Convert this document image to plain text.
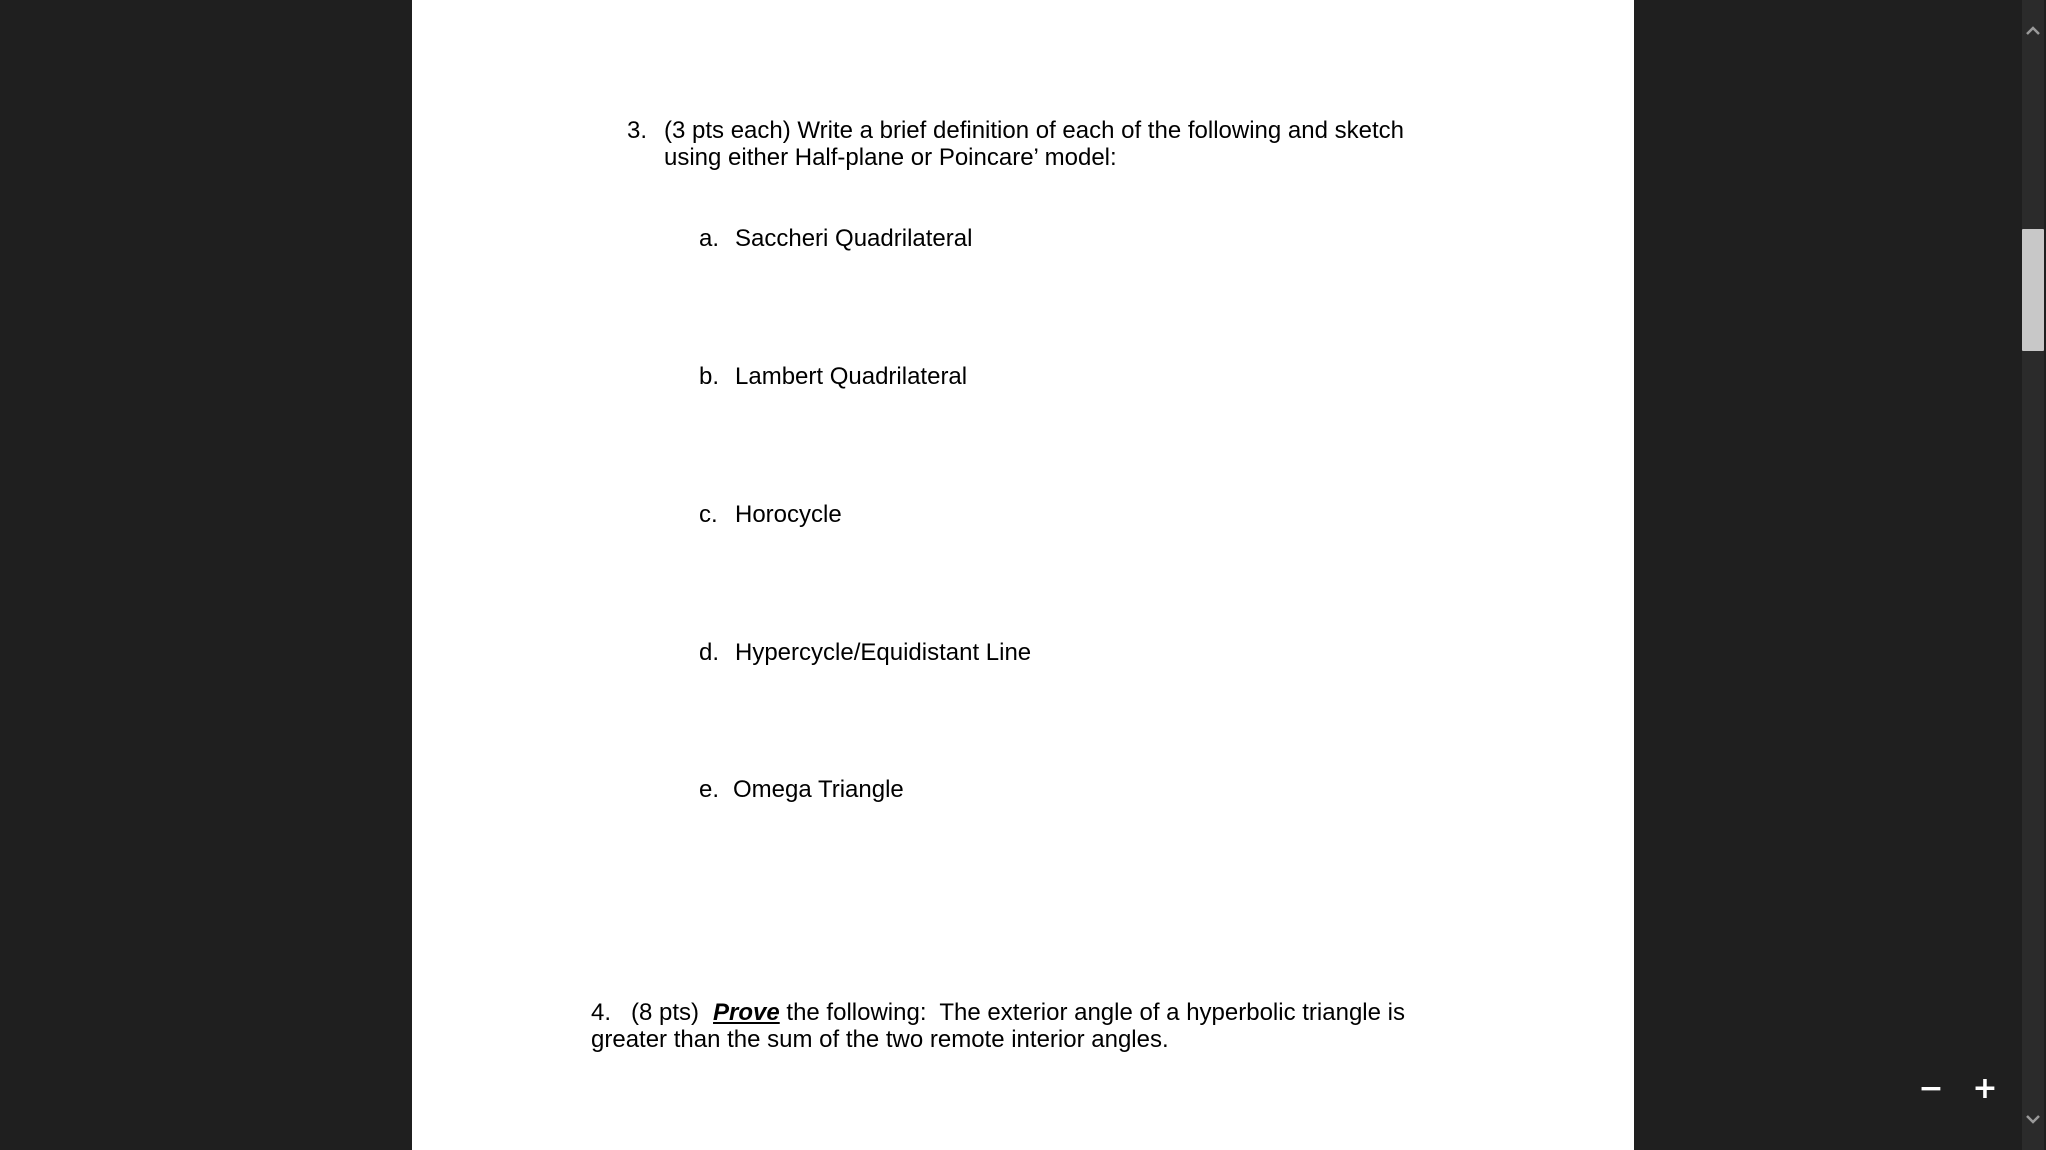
3. (3 pts each) Write a brief definition of each of the following and sketch
using either Half-plane or Poincare’ model:
a. Saccheri Quadrilateral
b. Lambert Quadrilateral
c. Horocycle
d. Hypercycle/Equidistant Line
e. Omega Triangle
4. (8 pts) Prove the following:  The exterior angle of a hyperbolic triangle is
greater than the sum of the two remote interior angles.
− +
